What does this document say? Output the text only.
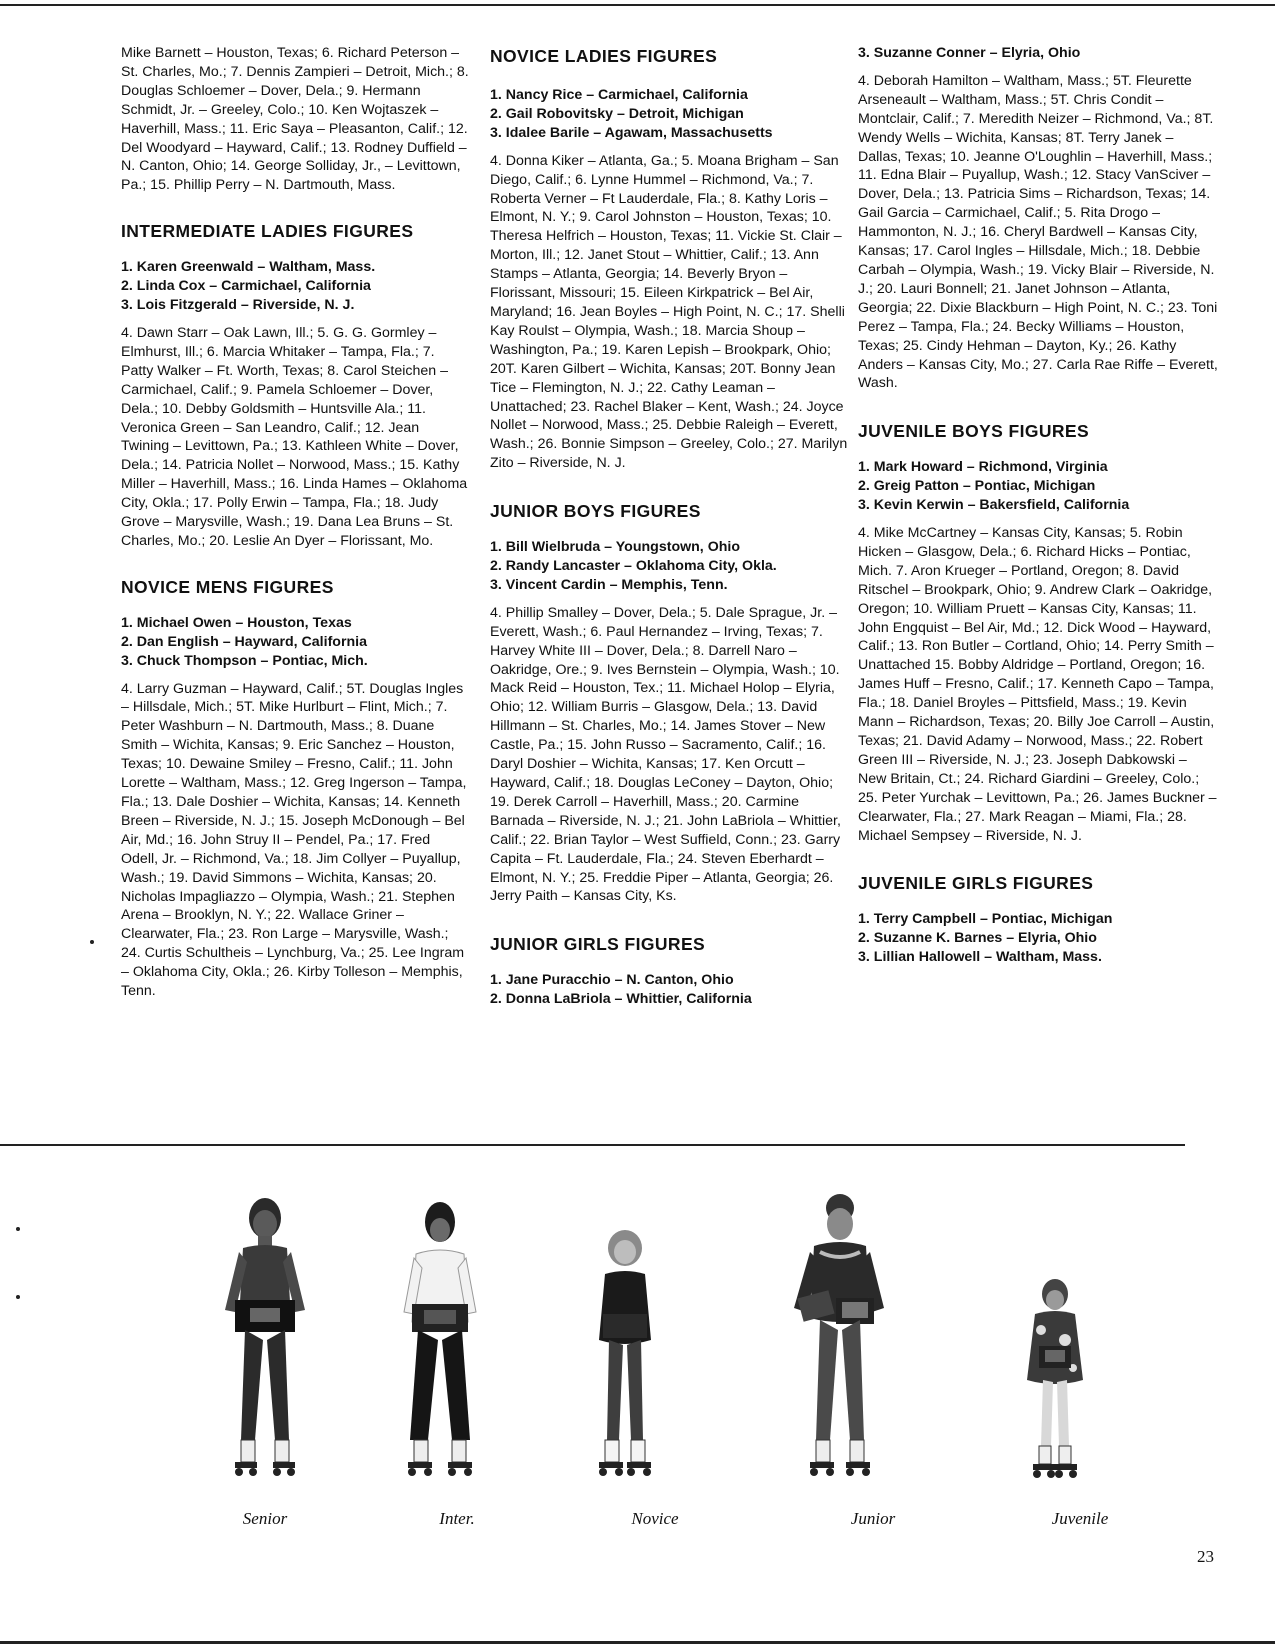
Mike Barnett – Houston, Texas; 6. Richard Peterson – St. Charles, Mo.; 7. Dennis Zampieri – Detroit, Mich.; 8. Douglas Schloemer – Dover, Dela.; 9. Hermann Schmidt, Jr. – Greeley, Colo.; 10. Ken Wojtaszek – Haverhill, Mass.; 11. Eric Saya – Pleasanton, Calif.; 12. Del Woodyard – Hayward, Calif.; 13. Rodney Duffield – N. Canton, Ohio; 14. George Solliday, Jr., – Levittown, Pa.; 15. Phillip Perry – N. Dartmouth, Mass.

INTERMEDIATE LADIES FIGURES
1. Karen Greenwald – Waltham, Mass.
2. Linda Cox – Carmichael, California
3. Lois Fitzgerald – Riverside, N. J.

4. Dawn Starr – Oak Lawn, Ill.; 5. G. G. Gormley – Elmhurst, Ill.; 6. Marcia Whitaker – Tampa, Fla.; 7. Patty Walker – Ft. Worth, Texas; 8. Carol Steichen – Carmichael, Calif.; 9. Pamela Schloemer – Dover, Dela.; 10. Debby Goldsmith – Huntsville Ala.; 11. Veronica Green – San Leandro, Calif.; 12. Jean Twining – Levittown, Pa.; 13. Kathleen White – Dover, Dela.; 14. Patricia Nollet – Norwood, Mass.; 15. Kathy Miller – Haverhill, Mass.; 16. Linda Hames – Oklahoma City, Okla.; 17. Polly Erwin – Tampa, Fla.; 18. Judy Grove – Marysville, Wash.; 19. Dana Lea Bruns – St. Charles, Mo.; 20. Leslie An Dyer – Florissant, Mo.

NOVICE MENS FIGURES
1. Michael Owen – Houston, Texas
2. Dan English – Hayward, California
3. Chuck Thompson – Pontiac, Mich.

4. Larry Guzman – Hayward, Calif.; 5T. Douglas Ingles – Hillsdale, Mich.; 5T. Mike Hurlburt – Flint, Mich.; 7. Peter Washburn – N. Dartmouth, Mass.; 8. Duane Smith – Wichita, Kansas; 9. Eric Sanchez – Houston, Texas; 10. Dewaine Smiley – Fresno, Calif.; 11. John Lorette – Waltham, Mass.; 12. Greg Ingerson – Tampa, Fla.; 13. Dale Doshier – Wichita, Kansas; 14. Kenneth Breen – Riverside, N. J.; 15. Joseph McDonough – Bel Air, Md.; 16. John Struy II – Pendel, Pa.; 17. Fred Odell, Jr. – Richmond, Va.; 18. Jim Collyer – Puyallup, Wash.; 19. David Simmons – Wichita, Kansas; 20. Nicholas Impagliazzo – Olympia, Wash.; 21. Stephen Arena – Brooklyn, N. Y.; 22. Wallace Griner – Clearwater, Fla.; 23. Ron Large – Marysville, Wash.; 24. Curtis Schultheis – Lynchburg, Va.; 25. Lee Ingram – Oklahoma City, Okla.; 26. Kirby Tolleson – Memphis, Tenn.

NOVICE LADIES FIGURES
1. Nancy Rice – Carmichael, California
2. Gail Robovitsky – Detroit, Michigan
3. Idalee Barile – Agawam, Massachusetts

4. Donna Kiker – Atlanta, Ga.; 5. Moana Brigham – San Diego, Calif.; 6. Lynne Hummel – Richmond, Va.; 7. Roberta Verner – Ft Lauderdale, Fla.; 8. Kathy Loris – Elmont, N. Y.; 9. Carol Johnston – Houston, Texas; 10. Theresa Helfrich – Houston, Texas; 11. Vickie St. Clair – Morton, Ill.; 12. Janet Stout – Whittier, Calif.; 13. Ann Stamps – Atlanta, Georgia; 14. Beverly Bryon – Florissant, Missouri; 15. Eileen Kirkpatrick – Bel Air, Maryland; 16. Jean Boyles – High Point, N. C.; 17. Shelli Kay Roulst – Olympia, Wash.; 18. Marcia Shoup – Washington, Pa.; 19. Karen Lepish – Brookpark, Ohio; 20T. Karen Gilbert – Wichita, Kansas; 20T. Bonny Jean Tice – Flemington, N. J.; 22. Cathy Leaman – Unattached; 23. Rachel Blaker – Kent, Wash.; 24. Joyce Nollet – Norwood, Mass.; 25. Debbie Raleigh – Everett, Wash.; 26. Bonnie Simpson – Greeley, Colo.; 27. Marilyn Zito – Riverside, N. J.

JUNIOR BOYS FIGURES
1. Bill Wielbruda – Youngstown, Ohio
2. Randy Lancaster – Oklahoma City, Okla.
3. Vincent Cardin – Memphis, Tenn.

4. Phillip Smalley – Dover, Dela.; 5. Dale Sprague, Jr. – Everett, Wash.; 6. Paul Hernandez – Irving, Texas; 7. Harvey White III – Dover, Dela.; 8. Darrell Naro – Oakridge, Ore.; 9. Ives Bernstein – Olympia, Wash.; 10. Mack Reid – Houston, Tex.; 11. Michael Holop – Elyria, Ohio; 12. William Burris – Glasgow, Dela.; 13. David Hillmann – St. Charles, Mo.; 14. James Stover – New Castle, Pa.; 15. John Russo – Sacramento, Calif.; 16. Daryl Doshier – Wichita, Kansas; 17. Ken Orcutt – Hayward, Calif.; 18. Douglas LeConey – Dayton, Ohio; 19. Derek Carroll – Haverhill, Mass.; 20. Carmine Barnada – Riverside, N. J.; 21. John LaBriola – Whittier, Calif.; 22. Brian Taylor – West Suffield, Conn.; 23. Garry Capita – Ft. Lauderdale, Fla.; 24. Steven Eberhardt – Elmont, N. Y.; 25. Freddie Piper – Atlanta, Georgia; 26. Jerry Paith – Kansas City, Ks.

JUNIOR GIRLS FIGURES
1. Jane Puracchio – N. Canton, Ohio
2. Donna LaBriola – Whittier, California
3. Suzanne Conner – Elyria, Ohio

4. Deborah Hamilton – Waltham, Mass.; 5T. Fleurette Arseneault – Waltham, Mass.; 5T. Chris Condit – Montclair, Calif.; 7. Meredith Neizer – Richmond, Va.; 8T. Wendy Wells – Wichita, Kansas; 8T. Terry Janek – Dallas, Texas; 10. Jeanne O'Loughlin – Haverhill, Mass.; 11. Edna Blair – Puyallup, Wash.; 12. Stacy VanSciver – Dover, Dela.; 13. Patricia Sims – Richardson, Texas; 14. Gail Garcia – Carmichael, Calif.; 5. Rita Drogo – Hammonton, N. J.; 16. Cheryl Bardwell – Kansas City, Kansas; 17. Carol Ingles – Hillsdale, Mich.; 18. Debbie Carbah – Olympia, Wash.; 19. Vicky Blair – Riverside, N. J.; 20. Lauri Bonnell; 21. Janet Johnson – Atlanta, Georgia; 22. Dixie Blackburn – High Point, N. C.; 23. Toni Perez – Tampa, Fla.; 24. Becky Williams – Houston, Texas; 25. Cindy Hehman – Dayton, Ky.; 26. Kathy Anders – Kansas City, Mo.; 27. Carla Rae Riffe – Everett, Wash.

JUVENILE BOYS FIGURES
1. Mark Howard – Richmond, Virginia
2. Greig Patton – Pontiac, Michigan
3. Kevin Kerwin – Bakersfield, California

4. Mike McCartney – Kansas City, Kansas; 5. Robin Hicken – Glasgow, Dela.; 6. Richard Hicks – Pontiac, Mich. 7. Aron Krueger – Portland, Oregon; 8. David Ritschel – Brookpark, Ohio; 9. Andrew Clark – Oakridge, Oregon; 10. William Pruett – Kansas City, Kansas; 11. John Engquist – Bel Air, Md.; 12. Dick Wood – Hayward, Calif.; 13. Ron Butler – Cortland, Ohio; 14. Perry Smith – Unattached 15. Bobby Aldridge – Portland, Oregon; 16. James Huff – Fresno, Calif.; 17. Kenneth Capo – Tampa, Fla.; 18. Daniel Broyles – Pittsfield, Mass.; 19. Kevin Mann – Richardson, Texas; 20. Billy Joe Carroll – Austin, Texas; 21. David Adamy – Norwood, Mass.; 22. Robert Green III – Riverside, N. J.; 23. Joseph Dabkowski – New Britain, Ct.; 24. Richard Giardini – Greeley, Colo.; 25. Peter Yurchak – Levittown, Pa.; 26. James Buckner – Clearwater, Fla.; 27. Mark Reagan – Miami, Fla.; 28. Michael Sempsey – Riverside, N. J.

JUVENILE GIRLS FIGURES
1. Terry Campbell – Pontiac, Michigan
2. Suzanne K. Barnes – Elyria, Ohio
3. Lillian Hallowell – Waltham, Mass.
Senior	Inter.	Novice	Junior	Juvenile
23
